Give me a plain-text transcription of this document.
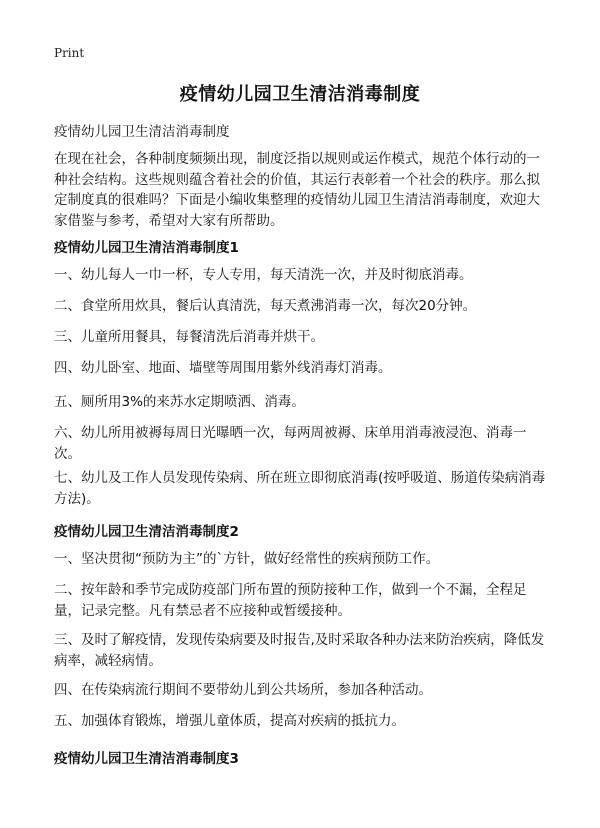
Print
疫情幼儿园卫生清洁消毒制度

疫情幼儿园卫生清洁消毒制度

在现在社会，各种制度频频出现，制度泛指以规则或运作模式，规范个体行动的一种社会结构。这些规则蕴含着社会的价值，其运行表彰着一个社会的秩序。那么拟定制度真的很难吗？下面是小编收集整理的疫情幼儿园卫生清洁消毒制度，欢迎大家借鉴与参考，希望对大家有所帮助。

疫情幼儿园卫生清洁消毒制度1

一、幼儿每人一巾一杯，专人专用，每天清洗一次，并及时彻底消毒。

二、食堂所用炊具，餐后认真清洗，每天煮沸消毒一次，每次20分钟。

三、儿童所用餐具，每餐清洗后消毒并烘干。

四、幼儿卧室、地面、墙壁等周围用紫外线消毒灯消毒。

五、厕所用3%的来苏水定期喷洒、消毒。

六、幼儿所用被褥每周日光曝晒一次，每两周被褥、床单用消毒液浸泡、消毒一次。

七、幼儿及工作人员发现传染病、所在班立即彻底消毒(按呼吸道、肠道传染病消毒方法)。

疫情幼儿园卫生清洁消毒制度2

一、坚决贯彻“预防为主”的`方针，做好经常性的疾病预防工作。

二、按年龄和季节完成防疫部门所布置的预防接种工作，做到一个不漏，全程足量，记录完整。凡有禁忌者不应接种或暂缓接种。

三、及时了解疫情，发现传染病要及时报告,及时采取各种办法来防治疾病，降低发病率，减轻病情。

四、在传染病流行期间不要带幼儿到公共场所，参加各种活动。

五、加强体育锻炼，增强儿童体质，提高对疾病的抵抗力。

疫情幼儿园卫生清洁消毒制度3
